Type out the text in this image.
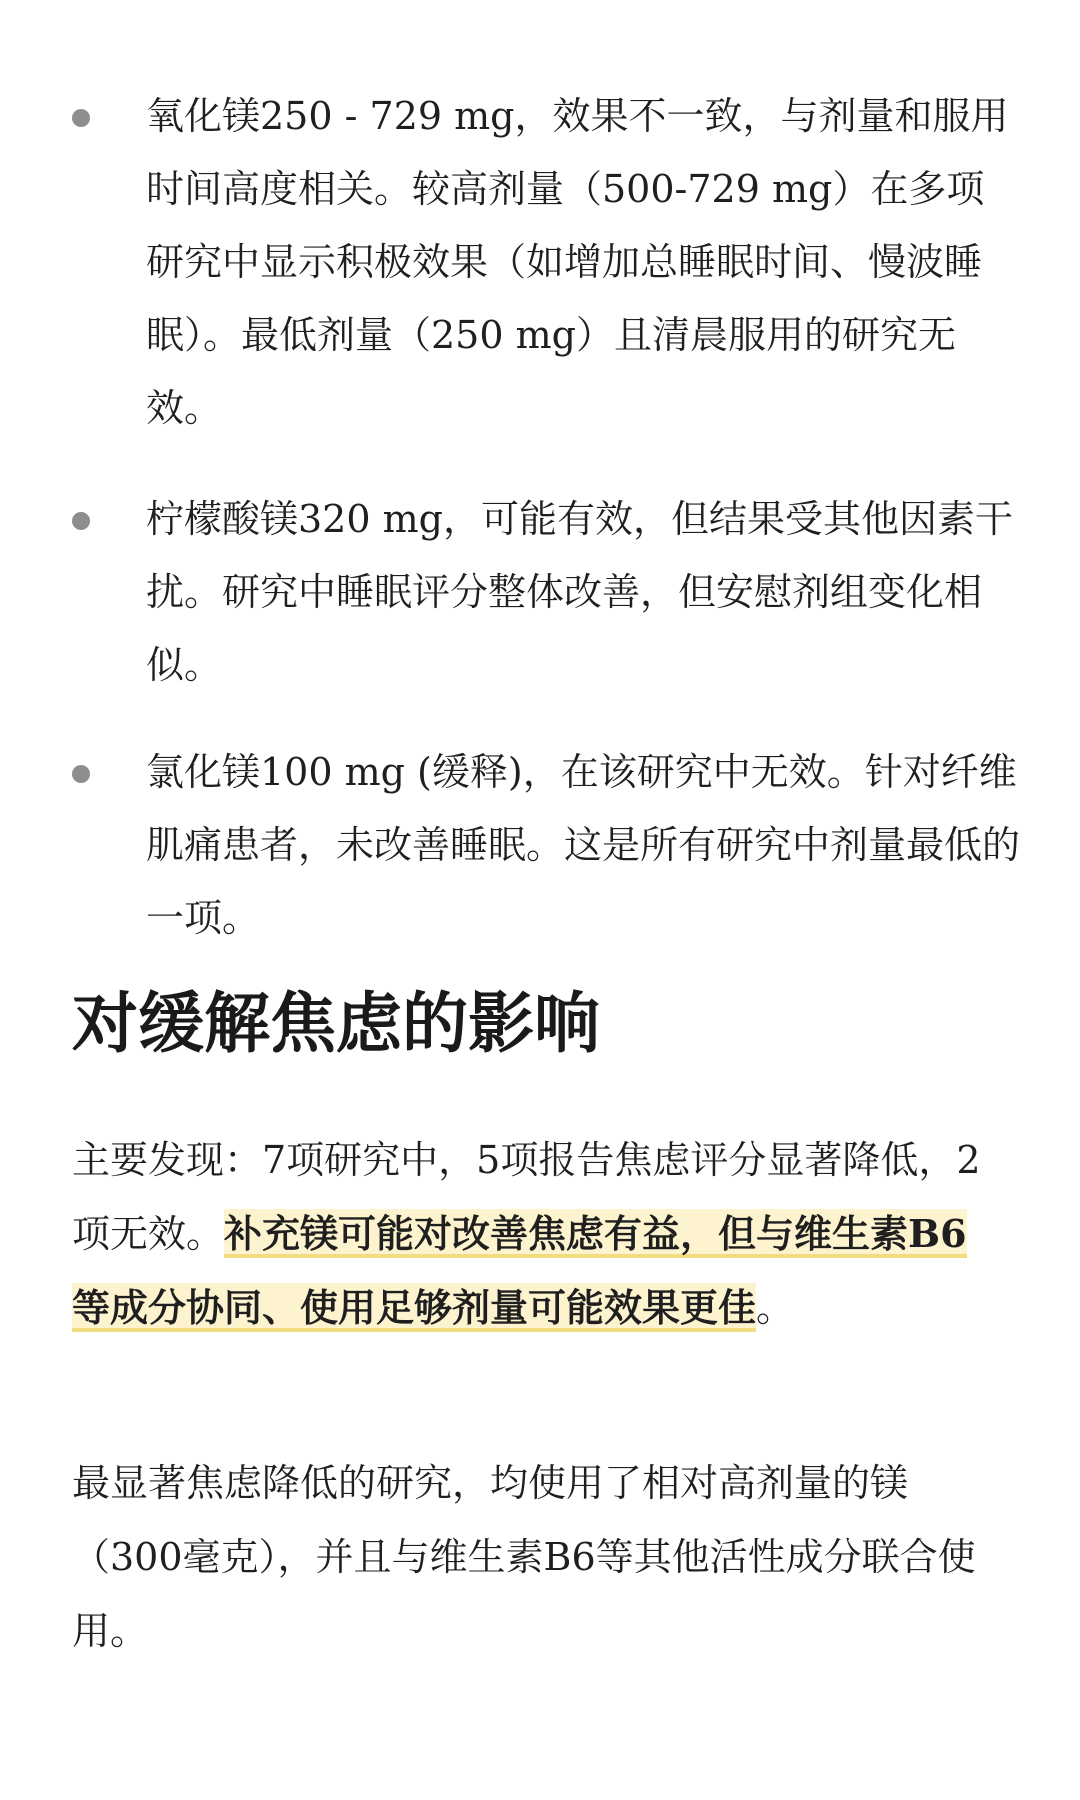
氧化镁250 - 729 mg，效果不一致，与剂量和服用时间高度相关。较高剂量（500-729 mg）在多项研究中显示积极效果（如增加总睡眠时间、慢波睡眠）。最低剂量（250 mg）且清晨服用的研究无效。
柠檬酸镁320 mg，可能有效，但结果受其他因素干扰。研究中睡眠评分整体改善，但安慰剂组变化相似。
氯化镁100 mg (缓释)，在该研究中无效。针对纤维肌痛患者，未改善睡眠。这是所有研究中剂量最低的一项。
对缓解焦虑的影响

主要发现：7项研究中，5项报告焦虑评分显著降低，2项无效。补充镁可能对改善焦虑有益，但与维生素B6等成分协同、使用足够剂量可能效果更佳。

最显著焦虑降低的研究，均使用了相对高剂量的镁（300毫克），并且与维生素B6等其他活性成分联合使用。
